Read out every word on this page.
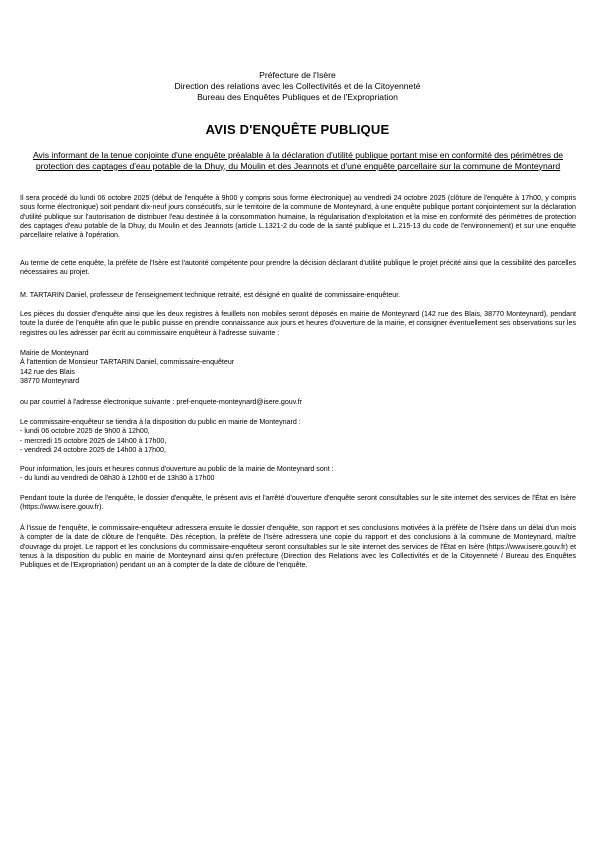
Préfecture de l'Isère
Direction des relations avec les Collectivités et de la Citoyenneté
Bureau des Enquêtes Publiques et de l'Expropriation
AVIS D'ENQUÊTE PUBLIQUE
Avis informant de la tenue conjointe d'une enquête préalable à la déclaration d'utilité publique portant mise en conformité des périmètres de protection des captages d'eau potable de la Dhuy, du Moulin et des Jeannots et d'une enquête parcellaire sur la commune de Monteynard
Il sera procédé du lundi 06 octobre 2025 (début de l'enquête à 9h00 y compris sous forme électronique) au vendredi 24 octobre 2025 (clôture de l'enquête à 17h00, y compris sous forme électronique) soit pendant dix-neuf jours consécutifs, sur le territoire de la commune de Monteynard, à une enquête publique portant conjointement sur la déclaration d'utilité publique sur l'autorisation de distribuer l'eau destinée à la consommation humaine, la régularisation d'exploitation et la mise en conformité des périmètres de protection des captages d'eau potable de la Dhuy, du Moulin et des Jeannots (article L.1321-2 du code de la santé publique et L.215-13 du code de l'environnement) et sur une enquête parcellaire relative à l'opération.
Au terme de cette enquête, la préfète de l'Isère est l'autorité compétente pour prendre la décision déclarant d'utilité publique le projet précité ainsi que la cessibilité des parcelles nécessaires au projet.
M. TARTARIN Daniel, professeur de l'enseignement technique retraité, est désigné en qualité de commissaire-enquêteur.
Les pièces du dossier d'enquête ainsi que les deux registres à feuillets non mobiles seront déposés en mairie de Monteynard (142 rue des Blais, 38770 Monteynard), pendant toute la durée de l'enquête afin que le public puisse en prendre connaissance aux jours et heures d'ouverture de la mairie, et consigner éventuellement ses observations sur les registres ou les adresser par écrit au commissaire enquêteur à l'adresse suivante :
Mairie de Monteynard
À l'attention de Monsieur TARTARIN Daniel, commissaire-enquêteur
142 rue des Blais
38770 Monteynard
ou par courriel à l'adresse électronique suivante : pref-enquete-monteynard@isere.gouv.fr
Le commissaire-enquêteur se tiendra à la disposition du public en mairie de Monteynard :
- lundi 06 octobre 2025 de 9h00 à 12h00,
- mercredi 15 octobre 2025 de 14h00 à 17h00,
- vendredi 24 octobre 2025 de 14h00 à 17h00,
Pour information, les jours et heures connus d'ouverture au public de la mairie de Monteynard sont :
- du lundi au vendredi de 08h30 à 12h00 et de 13h30 à 17h00
Pendant toute la durée de l'enquête, le dossier d'enquête, le présent avis et l'arrêté d'ouverture d'enquête seront consultables sur le site internet des services de l'État en Isère (https://www.isere.gouv.fr).
À l'issue de l'enquête, le commissaire-enquêteur adressera ensuite le dossier d'enquête, son rapport et ses conclusions motivées à la préfète de l'Isère dans un délai d'un mois à compter de la date de clôture de l'enquête. Dès réception, la préfète de l'Isère adressera une copie du rapport et des conclusions à la commune de Monteynard, maître d'ouvrage du projet. Le rapport et les conclusions du commissaire-enquêteur seront consultables sur le site internet des services de l'État en Isère (https://www.isere.gouv.fr) et tenus à la disposition du public en mairie de Monteynard ainsi qu'en préfecture (Direction des Relations avec les Collectivités et de la Citoyenneté / Bureau des Enquêtes Publiques et de l'Expropriation) pendant un an à compter de la date de clôture de l'enquête.
